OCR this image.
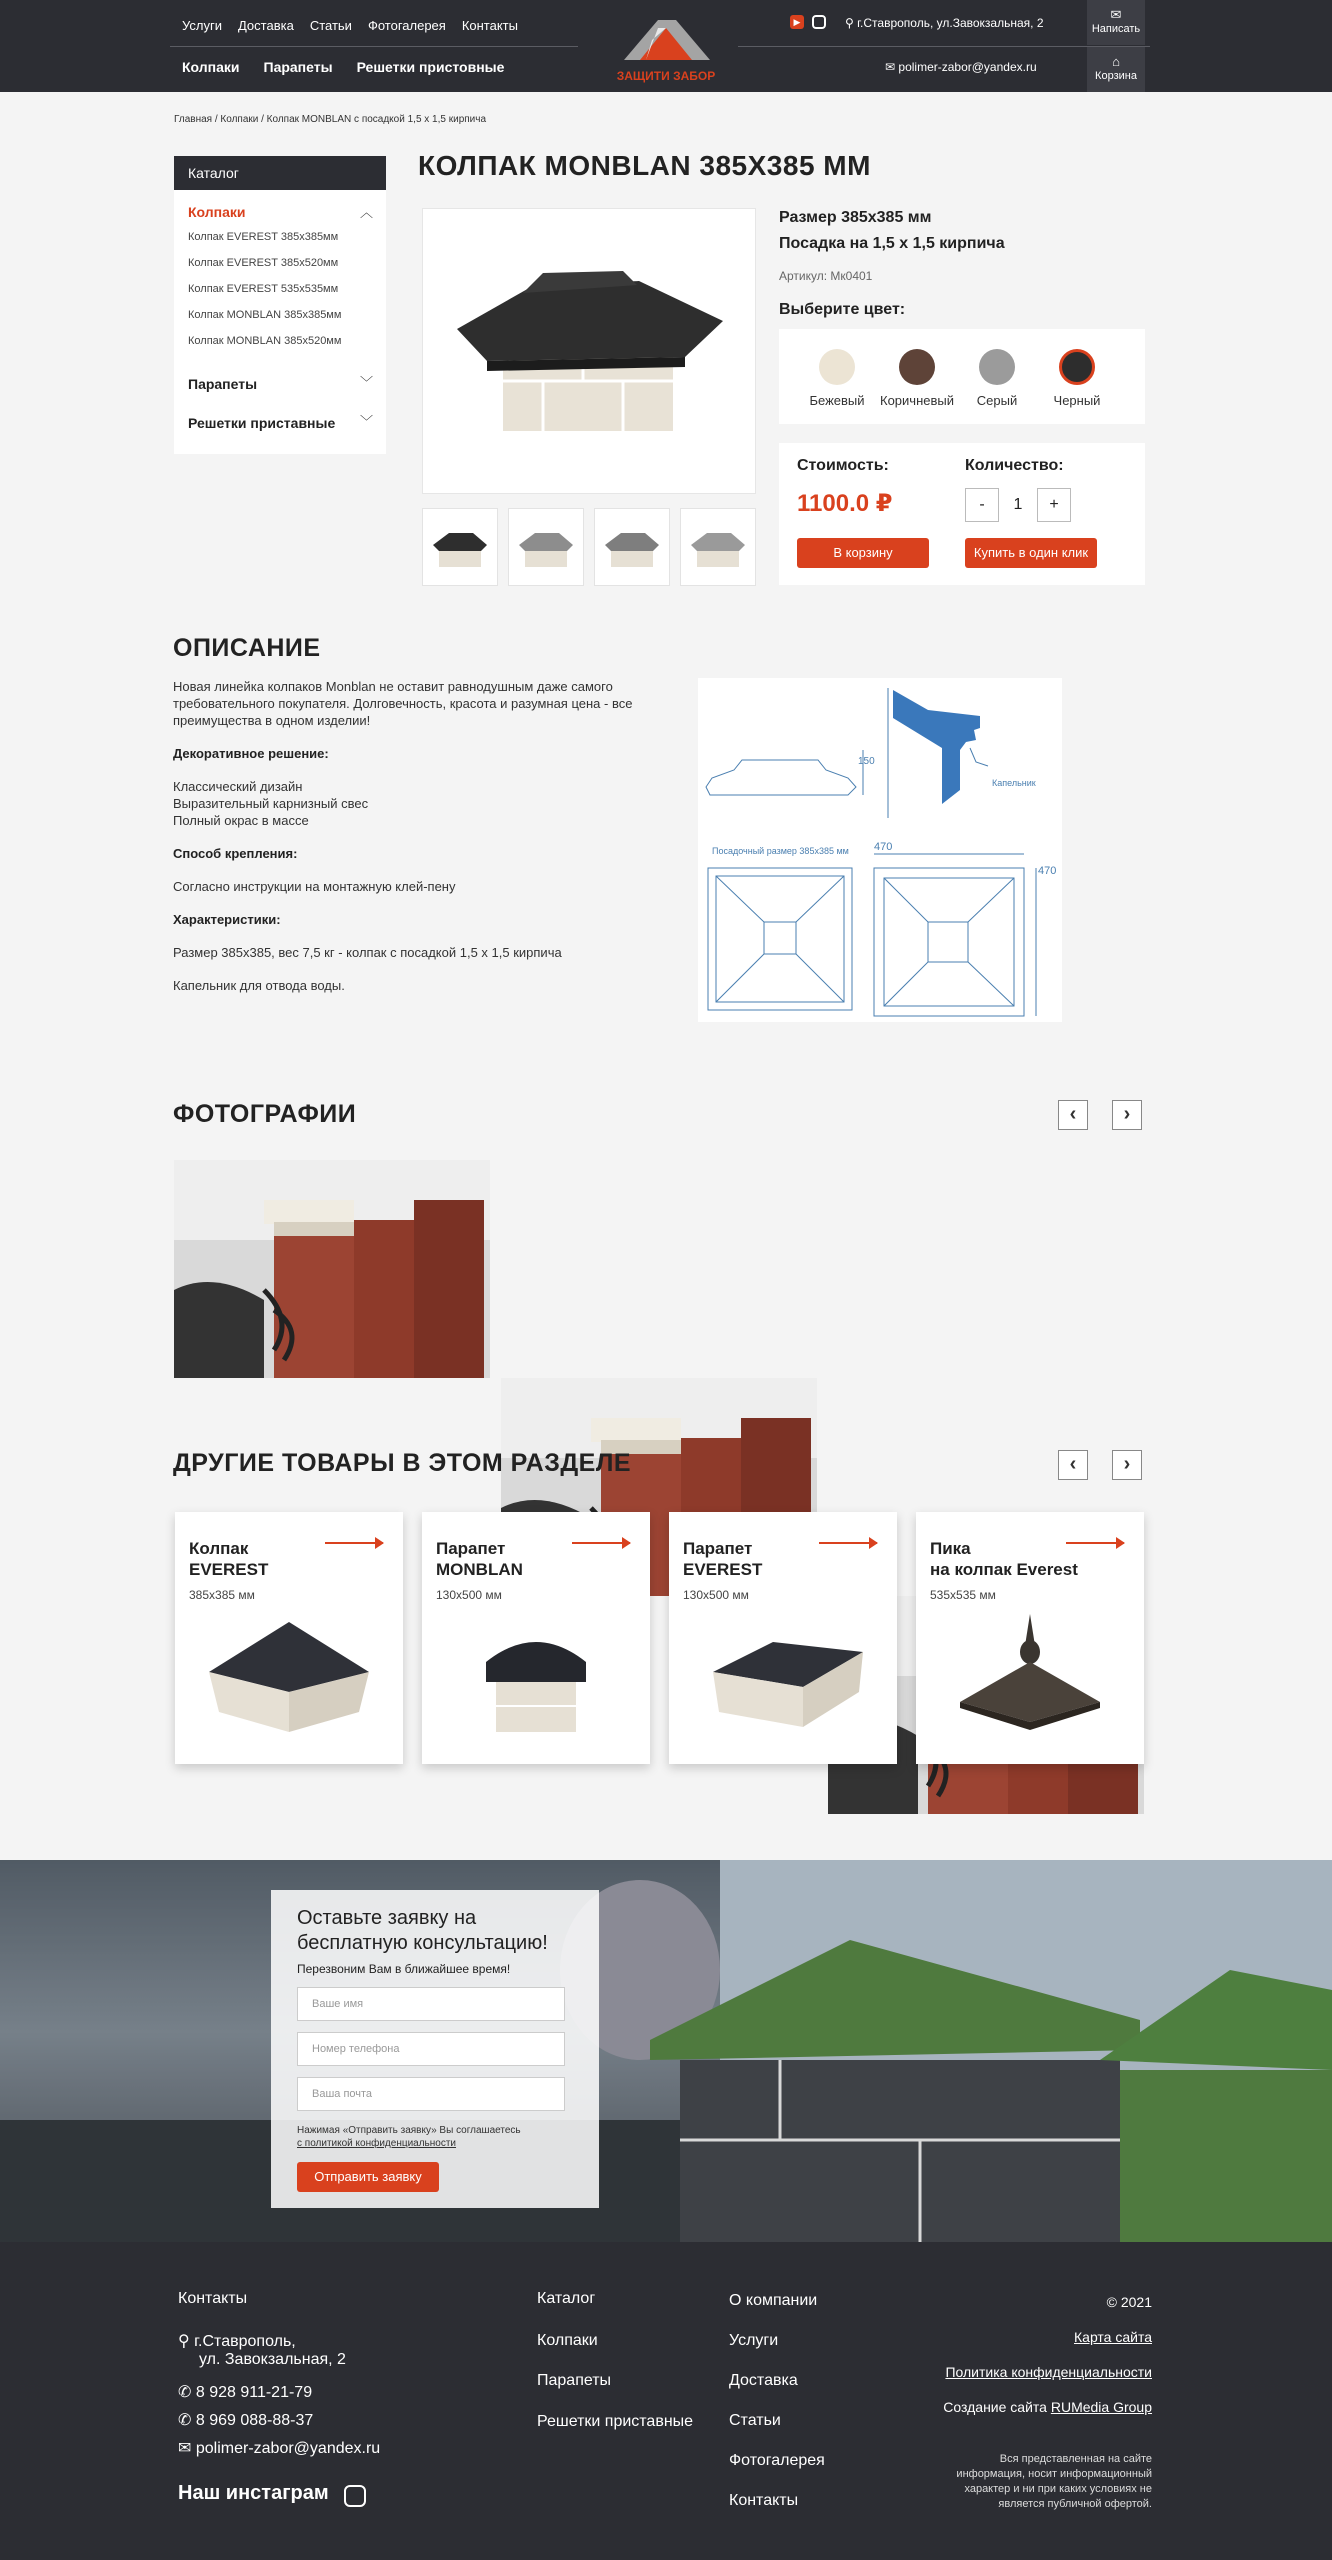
Услуги Доставка Статьи Фотогалерея Контакты
Колпаки Парапеты Решетки пристовные
ЗАЩИТИ ЗАБОР
▶	⚲ г.Ставрополь, ул.Завокзальная, 2
✉ polimer-zabor@yandex.ru
✉
Написать
⌂
Корзина
Главная / Колпаки / Колпак MONBLAN с посадкой 1,5 х 1,5 кирпича
Каталог
Колпаки	︿
Колпак EVEREST 385x385мм
Колпак EVEREST 385x520мм
Колпак EVEREST 535x535мм
Колпак MONBLAN 385x385мм
Колпак MONBLAN 385x520мм
Парапеты	﹀
Решетки приставные ﹀
КОЛПАК MONBLAN 385Х385 ММ
Размер 385х385 мм
Посадка на 1,5 х 1,5 кирпича
Артикул: Мк0401
Выберите цвет:
Бежевый	Коричневый	Серый	Черный
Стоимость:
1100.0 ₽
Количество:
-	1	+
В корзину	Купить в один клик
ОПИСАНИЕ

Новая линейка колпаков Monblan не оставит равнодушным даже самого требовательного покупателя. Долговечность, красота и разумная цена - все преимущества в одном изделии!

Декоративное решение:

Классический дизайн
Выразительный карнизный свес
Полный окрас в массе

Способ крепления:

Согласно инструкции на монтажную клей-пену

Характеристики:

Размер 385х385, вес 7,5 кг - колпак с посадкой 1,5 х 1,5 кирпича

Капельник для отвода воды.

150
Капельник
Посадочный размер 385х385 мм 470
470
ФОТОГРАФИИ	‹	›
ДРУГИЕ ТОВАРЫ В ЭТОМ РАЗДЕЛЕ	‹	›
Колпак
EVEREST
385х385 мм
Парапет
MONBLAN
130х500 мм
Парапет
EVEREST
130х500 мм
Пика
на колпак Everest
535х535 мм
Оставьте заявку на бесплатную консультацию!
Перезвоним Вам в ближайшее время!
Ваше имя
Номер телефона
Ваша почта
Нажимая «Отправить заявку» Вы соглашаетесь
с политикой конфиденциальности
Отправить заявку
Контакты
⚲ г.Ставрополь,
ул. Завокзальная, 2
✆ 8 928 911-21-79
✆ 8 969 088-88-37
✉ polimer-zabor@yandex.ru
Наш инстаграм
Каталог
Колпаки
Парапеты
Решетки приставные
О компании
Услуги
Доставка
Статьи
Фотогалерея
Контакты
© 2021
Карта сайта
Политика конфиденциальности
Создание сайта RUMedia Group
Вся представленная на сайте информация, носит информационный характер и ни при каких условиях не является публичной офертой.
